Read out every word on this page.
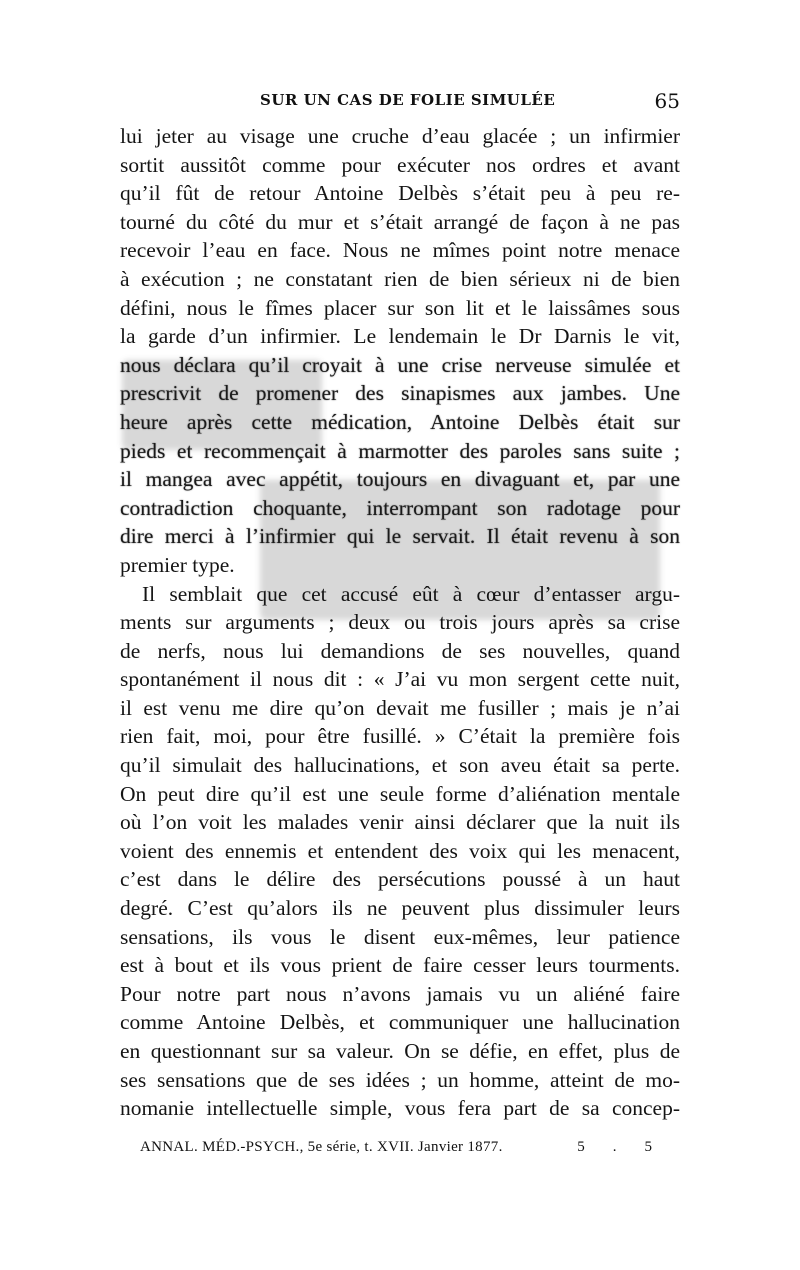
SUR UN CAS DE FOLIE SIMULÉE	65
lui jeter au visage une cruche d’eau glacée ; un infirmier
sortit aussitôt comme pour exécuter nos ordres et avant
qu’il fût de retour Antoine Delbès s’était peu à peu re-
tourné du côté du mur et s’était arrangé de façon à ne pas
recevoir l’eau en face. Nous ne mîmes point notre menace
à exécution ; ne constatant rien de bien sérieux ni de bien
défini, nous le fîmes placer sur son lit et le laissâmes sous
la garde d’un infirmier. Le lendemain le Dr Darnis le vit,
nous déclara qu’il croyait à une crise nerveuse simulée et
prescrivit de promener des sinapismes aux jambes. Une
heure après cette médication, Antoine Delbès était sur
pieds et recommençait à marmotter des paroles sans suite ;
il mangea avec appétit, toujours en divaguant et, par une
contradiction choquante, interrompant son radotage pour
dire merci à l’infirmier qui le servait. Il était revenu à son
premier type.
Il semblait que cet accusé eût à cœur d’entasser argu-
ments sur arguments ; deux ou trois jours après sa crise
de nerfs, nous lui demandions de ses nouvelles, quand
spontanément il nous dit : « J’ai vu mon sergent cette nuit,
il est venu me dire qu’on devait me fusiller ; mais je n’ai
rien fait, moi, pour être fusillé. » C’était la première fois
qu’il simulait des hallucinations, et son aveu était sa perte.
On peut dire qu’il est une seule forme d’aliénation mentale
où l’on voit les malades venir ainsi déclarer que la nuit ils
voient des ennemis et entendent des voix qui les menacent,
c’est dans le délire des persécutions poussé à un haut
degré. C’est qu’alors ils ne peuvent plus dissimuler leurs
sensations, ils vous le disent eux-mêmes, leur patience
est à bout et ils vous prient de faire cesser leurs tourments.
Pour notre part nous n’avons jamais vu un aliéné faire
comme Antoine Delbès, et communiquer une hallucination
en questionnant sur sa valeur. On se défie, en effet, plus de
ses sensations que de ses idées ; un homme, atteint de mo-
nomanie intellectuelle simple, vous fera part de sa concep-
ANNAL. MÉD.-PSYCH., 5e série, t. XVII. Janvier 1877.	5.5
